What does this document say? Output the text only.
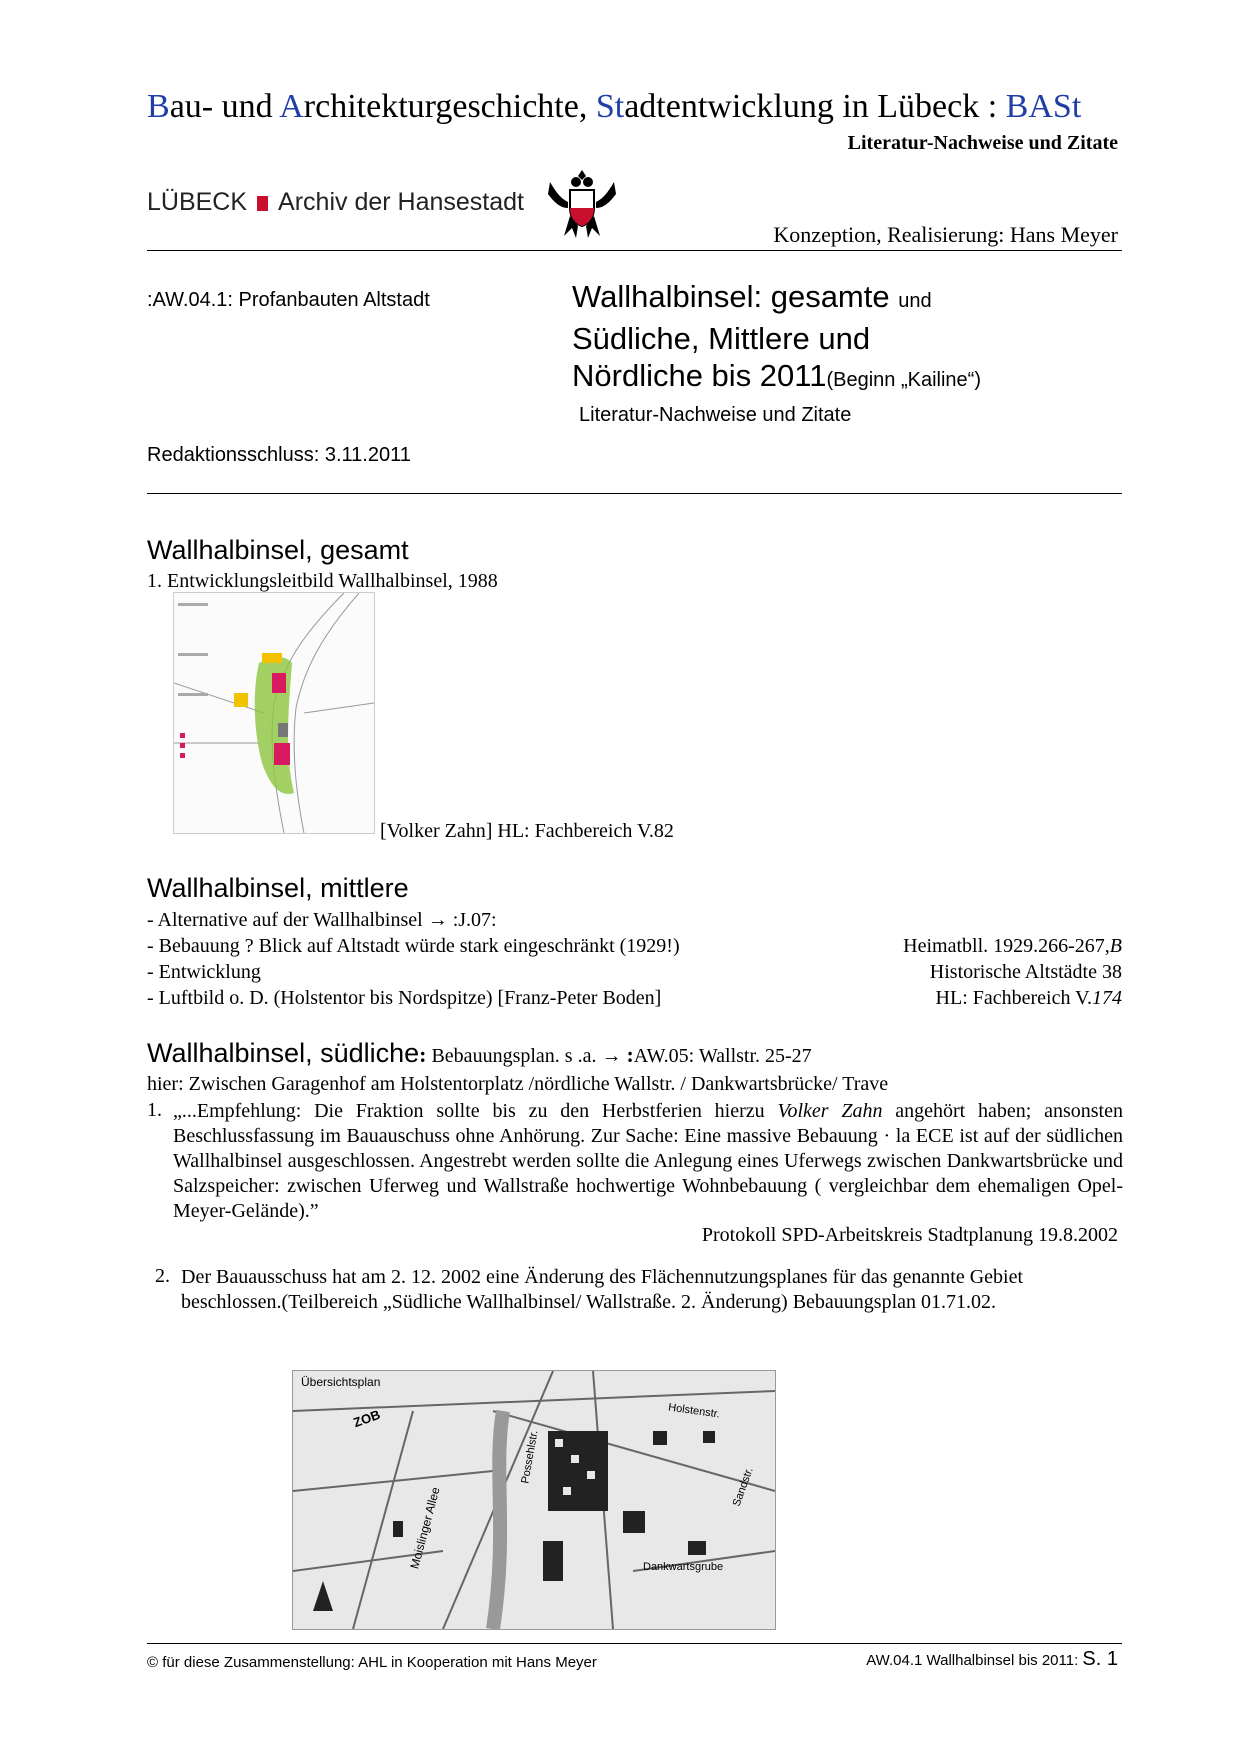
Bau- und Architekturgeschichte, Stadtentwicklung in Lübeck : BASt
Literatur-Nachweise und Zitate
LÜBECK Archiv der Hansestadt
Konzeption, Realisierung: Hans Meyer
:AW.04.1: Profanbauten Altstadt	Wallhalbinsel: gesamte und
Südliche, Mittlere und
Nördliche bis 2011(Beginn „Kailine“)
Literatur-Nachweise und Zitate
Redaktionsschluss: 3.11.2011
Wallhalbinsel, gesamt
1. Entwicklungsleitbild Wallhalbinsel, 1988
[Volker Zahn] HL: Fachbereich V.82
Wallhalbinsel, mittlere
- Alternative auf der Wallhalbinsel → :J.07:
- Bebauung ? Blick auf Altstadt würde stark eingeschränkt (1929!)	Heimatbll. 1929.266-267,B
- Entwicklung	Historische Altstädte 38
- Luftbild o. D. (Holstentor bis Nordspitze) [Franz-Peter Boden]	HL: Fachbereich V.174
Wallhalbinsel, südliche: Bebauungsplan. s .a. → :AW.05: Wallstr. 25-27
hier: Zwischen Garagenhof am Holstentorplatz /nördliche Wallstr. / Dankwartsbrücke/ Trave
1. „...Empfehlung: Die Fraktion sollte bis zu den Herbstferien hierzu Volker Zahn angehört haben; ansonsten Beschlussfassung im Bauauschuss ohne Anhörung. Zur Sache: Eine massive Bebauung · la ECE ist auf der südlichen Wallhalbinsel ausgeschlossen. Angestrebt werden sollte die Anlegung eines Uferwegs zwischen Dankwartsbrücke und Salzspeicher: zwischen Uferweg und Wallstraße hochwertige Wohnbebauung ( vergleichbar dem ehemaligen Opel-Meyer-Gelände).”
Protokoll SPD-Arbeitskreis Stadtplanung 19.8.2002
2. Der Bauausschuss hat am 2. 12. 2002 eine Änderung des Flächennutzungsplanes für das genannte Gebiet beschlossen.(Teilbereich „Südliche Wallhalbinsel/ Wallstraße. 2. Änderung) Bebauungsplan 01.71.02.
Übersichtsplan
ZOB	Holstenstr.
Moislinger Allee
Possehlstr.
Dankwartsgrube
Sandstr.
© für diese Zusammenstellung: AHL in Kooperation mit Hans Meyer	AW.04.1 Wallhalbinsel bis 2011: S. 1
